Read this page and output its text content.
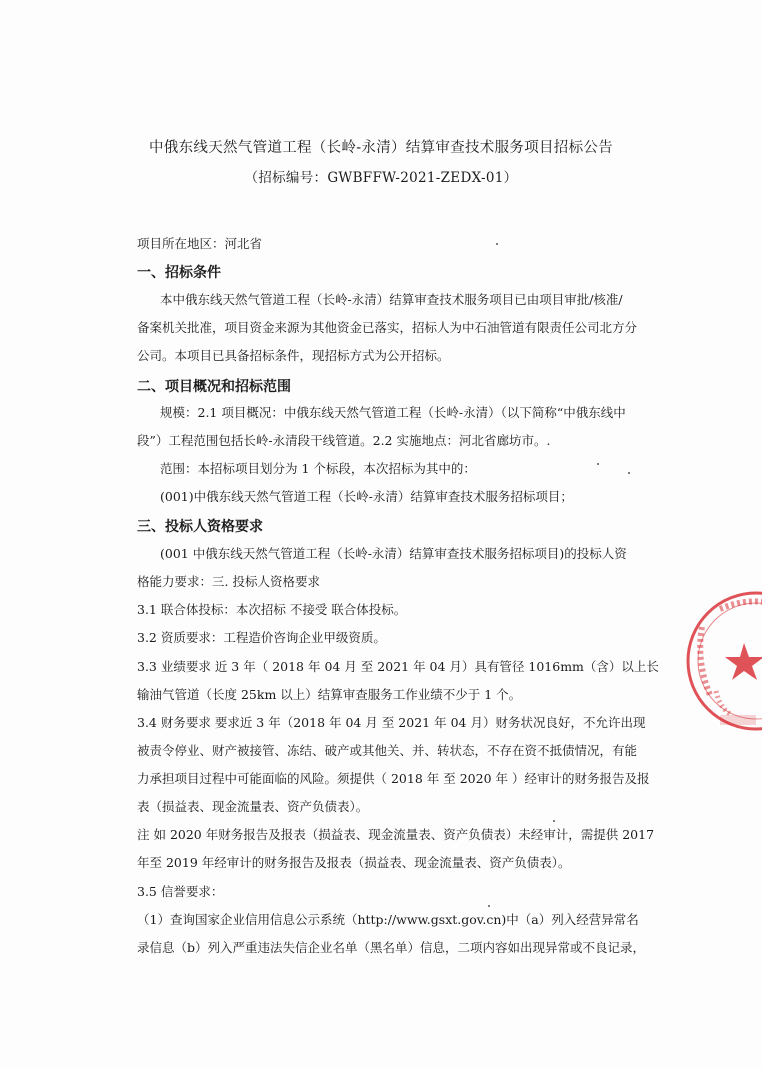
中俄东线天然气管道工程（长岭-永清）结算审查技术服务项目招标公告
（招标编号：GWBFFW-2021-ZEDX-01）
项目所在地区：河北省
一、招标条件
本中俄东线天然气管道工程（长岭-永清）结算审查技术服务项目已由项目审批/核准/
备案机关批准，项目资金来源为其他资金已落实，招标人为中石油管道有限责任公司北方分
公司。本项目已具备招标条件，现招标方式为公开招标。
二、项目概况和招标范围
规模：2.1 项目概况：中俄东线天然气管道工程（长岭-永清）（以下简称“中俄东线中
段”）工程范围包括长岭-永清段干线管道。2.2 实施地点：河北省廊坊市。.
范围：本招标项目划分为 1 个标段，本次招标为其中的：
(001)中俄东线天然气管道工程（长岭-永清）结算审查技术服务招标项目；
三、投标人资格要求
(001 中俄东线天然气管道工程（长岭-永清）结算审查技术服务招标项目)的投标人资
格能力要求：三. 投标人资格要求
3.1 联合体投标：本次招标 不接受 联合体投标。
3.2 资质要求：工程造价咨询企业甲级资质。
3.3 业绩要求 近 3 年（ 2018 年 04 月 至 2021 年 04 月）具有管径 1016mm（含）以上长
输油气管道（长度 25km 以上）结算审查服务工作业绩不少于 1 个。
3.4 财务要求 要求近 3 年（2018 年 04 月 至 2021 年 04 月）财务状况良好，不允许出现
被责令停业、财产被接管、冻结、破产或其他关、并、转状态，不存在资不抵债情况，有能
力承担项目过程中可能面临的风险。须提供（ 2018 年 至 2020 年 ）经审计的财务报告及报
表（损益表、现金流量表、资产负债表）。
注 如 2020 年财务报告及报表（损益表、现金流量表、资产负债表）未经审计，需提供 2017
年至 2019 年经审计的财务报告及报表（损益表、现金流量表、资产负债表）。
3.5 信誉要求：
（1）查询国家企业信用信息公示系统（http://www.gsxt.gov.cn)中（a）列入经营异常名
录信息（b）列入严重违法失信企业名单（黑名单）信息，二项内容如出现异常或不良记录，
